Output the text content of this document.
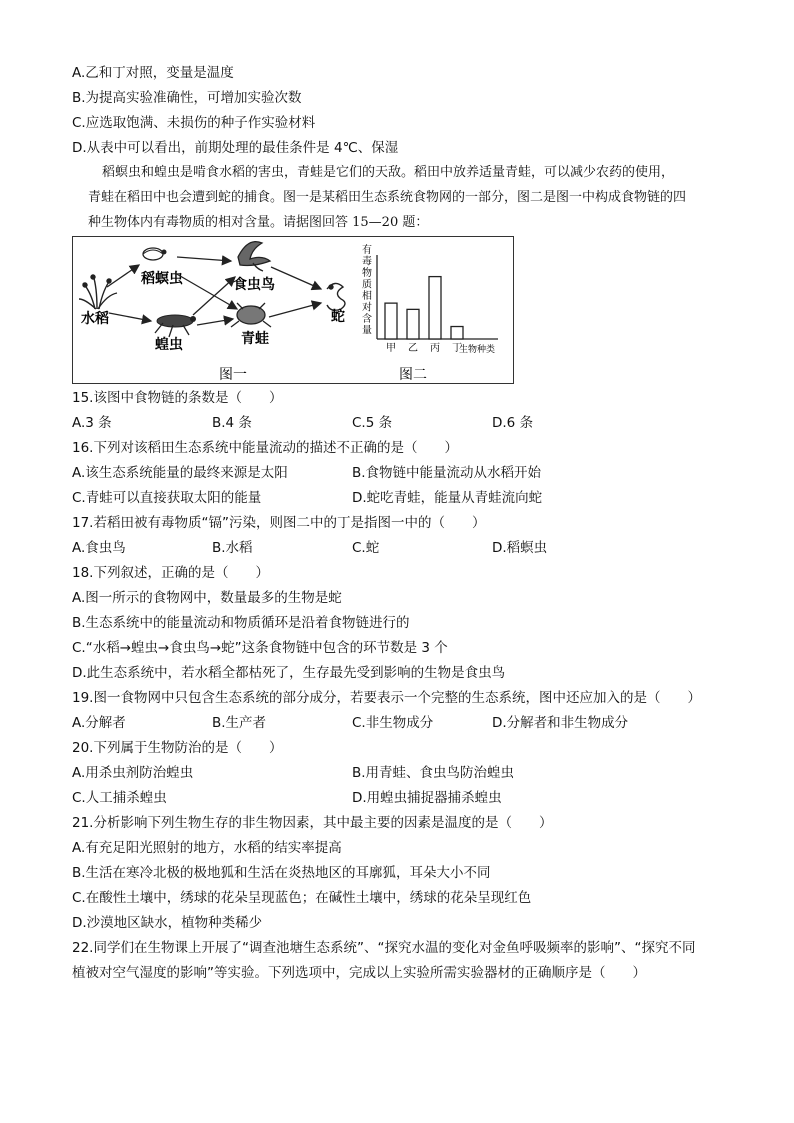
A.乙和丁对照，变量是温度
B.为提高实验准确性，可增加实验次数
C.应选取饱满、未损伤的种子作实验材料
D.从表中可以看出，前期处理的最佳条件是 4℃、保湿
稻螟虫和蝗虫是啃食水稻的害虫，青蛙是它们的天敌。稻田中放养适量青蛙，可以减少农药的使用，
青蛙在稻田中也会遭到蛇的捕食。图一是某稻田生态系统食物网的一部分，图二是图一中构成食物链的四
种生物体内有毒物质的相对含量。请据图回答 15—20 题：
水稻
稻螟虫
蝗虫
食虫鸟
青蛙
蛇
图一
有
毒
物
质
相
对
含
量
甲 乙 丙 丁
生物种类
图二
15.该图中食物链的条数是（　　）
A.3 条	B.4 条	C.5 条	D.6 条
16.下列对该稻田生态系统中能量流动的描述不正确的是（　　）
A.该生态系统能量的最终来源是太阳	B.食物链中能量流动从水稻开始
C.青蛙可以直接获取太阳的能量	D.蛇吃青蛙，能量从青蛙流向蛇
17.若稻田被有毒物质“镉”污染，则图二中的丁是指图一中的（　　）
A.食虫鸟	B.水稻	C.蛇	D.稻螟虫
18.下列叙述，正确的是（　　）
A.图一所示的食物网中，数量最多的生物是蛇
B.生态系统中的能量流动和物质循环是沿着食物链进行的
C.“水稻→蝗虫→食虫鸟→蛇”这条食物链中包含的环节数是 3 个
D.此生态系统中，若水稻全都枯死了，生存最先受到影响的生物是食虫鸟
19.图一食物网中只包含生态系统的部分成分，若要表示一个完整的生态系统，图中还应加入的是（　　）
A.分解者	B.生产者	C.非生物成分	D.分解者和非生物成分
20.下列属于生物防治的是（　　）
A.用杀虫剂防治蝗虫	B.用青蛙、食虫鸟防治蝗虫
C.人工捕杀蝗虫	D.用蝗虫捕捉器捕杀蝗虫
21.分析影响下列生物生存的非生物因素，其中最主要的因素是温度的是（　　）
A.有充足阳光照射的地方，水稻的结实率提高
B.生活在寒冷北极的极地狐和生活在炎热地区的耳廓狐，耳朵大小不同
C.在酸性土壤中，绣球的花朵呈现蓝色；在碱性土壤中，绣球的花朵呈现红色
D.沙漠地区缺水，植物种类稀少
22.同学们在生物课上开展了“调查池塘生态系统”、“探究水温的变化对金鱼呼吸频率的影响”、“探究不同
植被对空气湿度的影响”等实验。下列选项中，完成以上实验所需实验器材的正确顺序是（　　）
